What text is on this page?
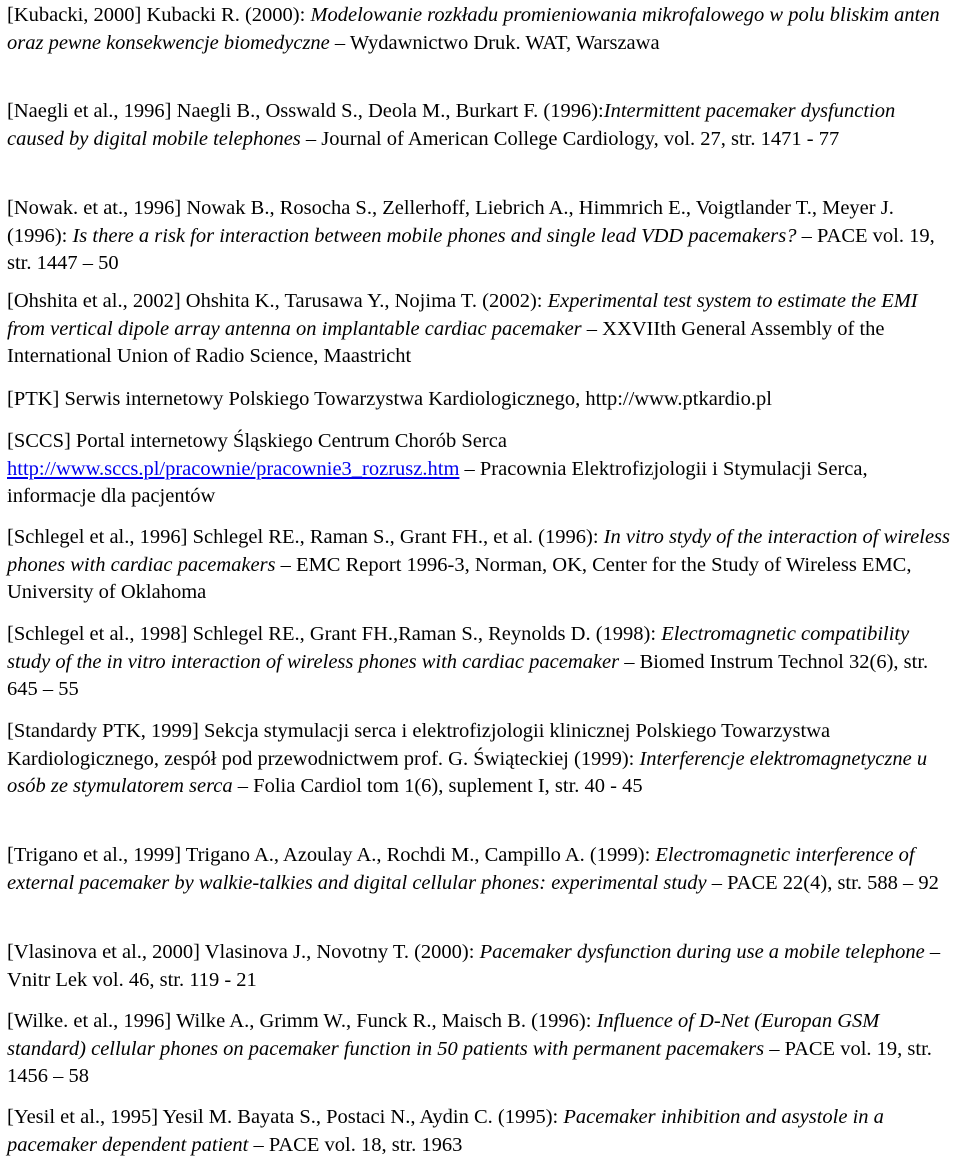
[Kubacki, 2000] Kubacki R. (2000): Modelowanie rozkładu promieniowania mikrofalowego w polu bliskim anten oraz pewne konsekwencje biomedyczne – Wydawnictwo Druk. WAT, Warszawa

[Naegli et al., 1996] Naegli B., Osswald S., Deola M., Burkart F. (1996):Intermittent pacemaker dysfunction caused by digital mobile telephones – Journal of American College Cardiology, vol. 27, str. 1471 - 77

[Nowak. et at., 1996] Nowak B., Rosocha S., Zellerhoff, Liebrich A., Himmrich E., Voigtlander T., Meyer J. (1996): Is there a risk for interaction between mobile phones and single lead VDD pacemakers? – PACE vol. 19, str. 1447 – 50

[Ohshita et al., 2002] Ohshita K., Tarusawa Y., Nojima T. (2002): Experimental test system to estimate the EMI from vertical dipole array antenna on implantable cardiac pacemaker – XXVIIth General Assembly of the International Union of Radio Science, Maastricht

[PTK] Serwis internetowy Polskiego Towarzystwa Kardiologicznego, http://www.ptkardio.pl

[SCCS] Portal internetowy Śląskiego Centrum Chorób Serca http://www.sccs.pl/pracownie/pracownie3_rozrusz.htm – Pracownia Elektrofizjologii i Stymulacji Serca, informacje dla pacjentów

[Schlegel et al., 1996] Schlegel RE., Raman S., Grant FH., et al. (1996): In vitro stydy of the interaction of wireless phones with cardiac pacemakers – EMC Report 1996-3, Norman, OK, Center for the Study of Wireless EMC, University of Oklahoma

[Schlegel et al., 1998] Schlegel RE., Grant FH.,Raman S., Reynolds D. (1998): Electromagnetic compatibility study of the in vitro interaction of wireless phones with cardiac pacemaker – Biomed Instrum Technol 32(6), str. 645 – 55

[Standardy PTK, 1999] Sekcja stymulacji serca i elektrofizjologii klinicznej Polskiego Towarzystwa Kardiologicznego, zespół pod przewodnictwem prof. G. Świąteckiej (1999): Interferencje elektromagnetyczne u osób ze stymulatorem serca – Folia Cardiol tom 1(6), suplement I, str. 40 - 45

[Trigano et al., 1999] Trigano A., Azoulay A., Rochdi M., Campillo A. (1999): Electromagnetic interference of external pacemaker by walkie-talkies and digital cellular phones: experimental study – PACE 22(4), str. 588 – 92

[Vlasinova et al., 2000] Vlasinova J., Novotny T. (2000): Pacemaker dysfunction during use a mobile telephone – Vnitr Lek vol. 46, str. 119 - 21

[Wilke. et al., 1996] Wilke A., Grimm W., Funck R., Maisch B. (1996): Influence of D-Net (Europan GSM standard) cellular phones on pacemaker function in 50 patients with permanent pacemakers – PACE vol. 19, str. 1456 – 58

[Yesil et al., 1995] Yesil M. Bayata S., Postaci N., Aydin C. (1995): Pacemaker inhibition and asystole in a pacemaker dependent patient – PACE vol. 18, str. 1963
